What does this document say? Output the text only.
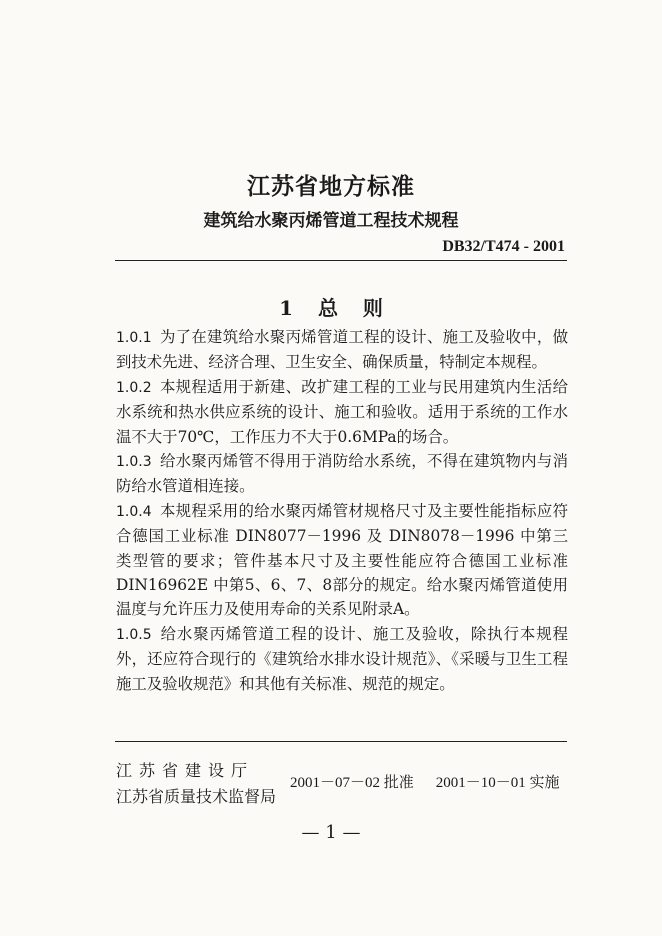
江苏省地方标准
建筑给水聚丙烯管道工程技术规程
DB32/T474 - 2001
1 总 则
1.0.1 为了在建筑给水聚丙烯管道工程的设计、施工及验收中，做到技术先进、经济合理、卫生安全、确保质量，特制定本规程。
1.0.2 本规程适用于新建、改扩建工程的工业与民用建筑内生活给水系统和热水供应系统的设计、施工和验收。适用于系统的工作水温不大于70℃，工作压力不大于0.6MPa的场合。
1.0.3 给水聚丙烯管不得用于消防给水系统，不得在建筑物内与消防给水管道相连接。
1.0.4 本规程采用的给水聚丙烯管材规格尺寸及主要性能指标应符合德国工业标准 DIN8077－1996 及 DIN8078－1996 中第三类型管的要求；管件基本尺寸及主要性能应符合德国工业标准 DIN16962E 中第5、6、7、8部分的规定。给水聚丙烯管道使用温度与允许压力及使用寿命的关系见附录A。
1.0.5 给水聚丙烯管道工程的设计、施工及验收，除执行本规程外，还应符合现行的《建筑给水排水设计规范》、《采暖与卫生工程施工及验收规范》和其他有关标准、规范的规定。
江苏省建设厅
江苏省质量技术监督局
2001－07－02 批准 2001－10－01 实施
— 1 —
